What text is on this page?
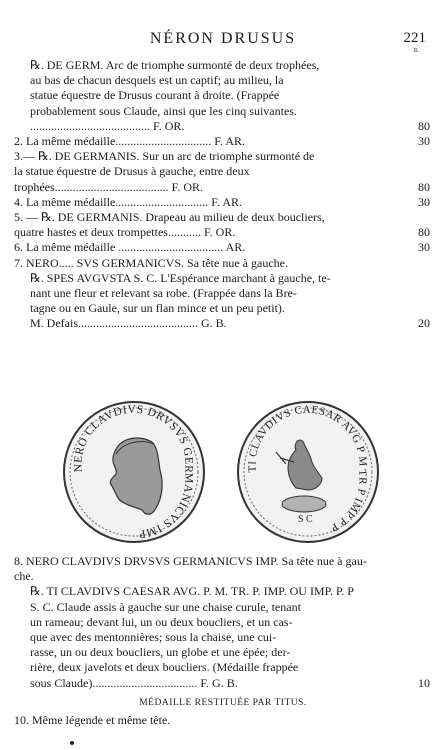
NÉRON DRUSUS	221
tr.
℞. DE GERM. Arc de triomphe surmonté de deux trophées,
au bas de chacun desquels est un captif; au milieu, la
statue équestre de Drusus courant à droite. (Frappée
probablement sous Claude, ainsi que les cinq suivantes.
........................................ F. OR.	80
2. La même médaille................................ F. AR.	30
3.— ℞. DE GERMANIS. Sur un arc de triomphe surmonté de
la statue équestre de Drusus à gauche, entre deux
trophées...................................... F. OR.	80
4. La même médaille............................... F. AR.	30
5. — ℞. DE GERMANIS. Drapeau au milieu de deux boucliers,
quatre hastes et deux trompettes........... F. OR.	80
6. La même médaille ................................... AR.	30
7. NERO..... SVS GERMANICVS. Sa tête nue à gauche.
℞. SPES AVGVSTA S. C. L'Espérance marchant à gauche, te-
nant une fleur et relevant sa robe. (Frappée dans la Bre-
tagne ou en Gaule, sur un flan mince et un peu petit).
M. Defais........................................ G. B.	20
NERO CLAVDIVS DRVSVS GERMANICVS IMP
TI CLAVDIVS CAESAR AVG P M TR P IMP P P
S C
8. NERO CLAVDIVS DRVSVS GERMANICVS IMP. Sa tête nue à gau-
che.
℞. TI CLAVDIVS CAESAR AVG. P. M. TR. P. IMP. OU IMP. P. P
S. C. Claude assis à gauche sur une chaise curule, tenant
un rameau; devant lui, un ou deux boucliers, et un cas-
que avec des mentonnières; sous la chaise, une cui-
rasse, un ou deux boucliers, un globe et une épée; der-
rière, deux javelots et deux boucliers. (Médaille frappée
sous Claude)................................... F. G. B.	10
MÉDAILLE RESTITUÉE PAR TITUS.
10. Même légende et même tête.
